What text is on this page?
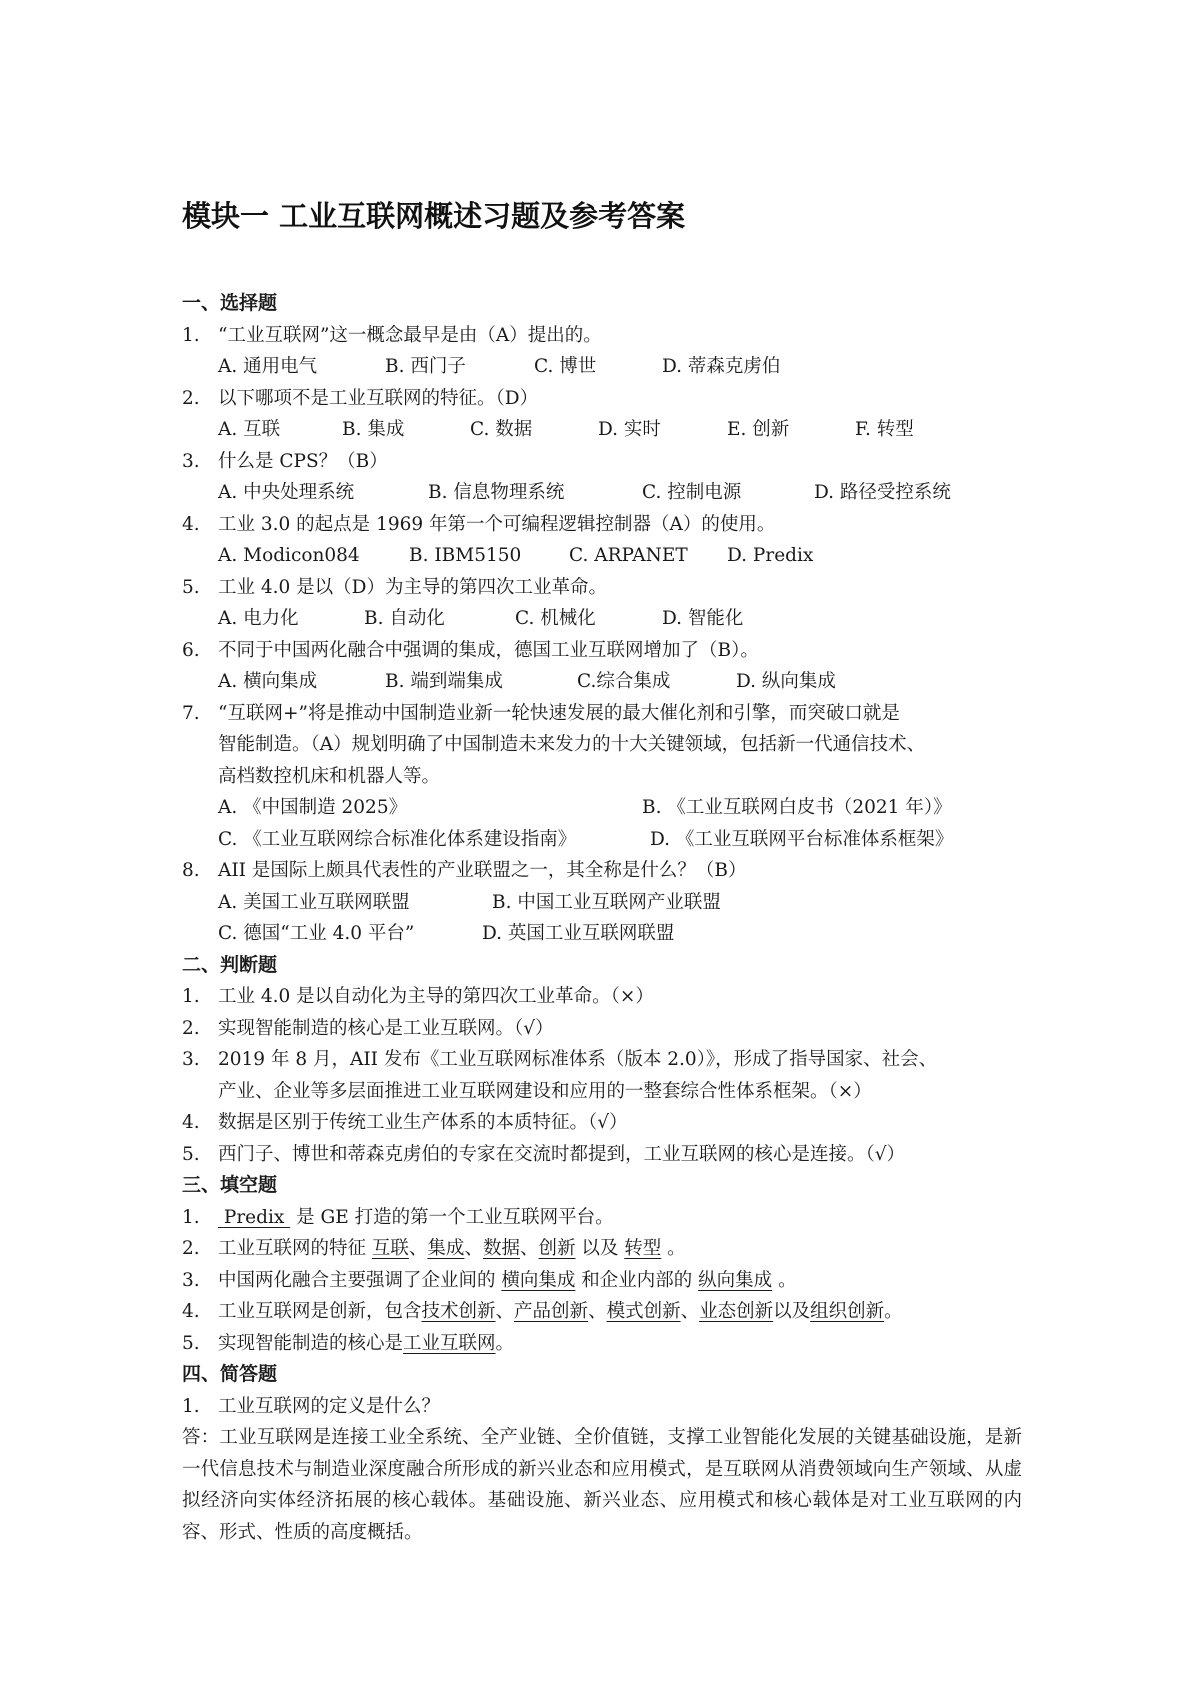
模块一 工业互联网概述习题及参考答案
一、选择题
1. “工业互联网”这一概念最早是由（A）提出的。
A. 通用电气	B. 西门子	C. 博世	D. 蒂森克虏伯
2. 以下哪项不是工业互联网的特征。（D）
A. 互联	B. 集成	C. 数据	D. 实时	E. 创新	F. 转型
3. 什么是 CPS？（B）
A. 中央处理系统	B. 信息物理系统	C. 控制电源	D. 路径受控系统
4. 工业 3.0 的起点是 1969 年第一个可编程逻辑控制器（A）的使用。
A. Modicon084	B. IBM5150	C. ARPANET D. Predix
5. 工业 4.0 是以（D）为主导的第四次工业革命。
A. 电力化	B. 自动化	C. 机械化	D. 智能化
6. 不同于中国两化融合中强调的集成，德国工业互联网增加了（B）。
A. 横向集成	B. 端到端集成	C.综合集成	D. 纵向集成
7. “互联网+”将是推动中国制造业新一轮快速发展的最大催化剂和引擎，而突破口就是
智能制造。（A）规划明确了中国制造未来发力的十大关键领域，包括新一代通信技术、
高档数控机床和机器人等。
A. 《中国制造 2025》	B. 《工业互联网白皮书（2021 年）》
C. 《工业互联网综合标准化体系建设指南》	D. 《工业互联网平台标准体系框架》
8. AII 是国际上颇具代表性的产业联盟之一，其全称是什么？（B）
A. 美国工业互联网联盟	B. 中国工业互联网产业联盟
C. 德国“工业 4.0 平台”	D. 英国工业互联网联盟
二、判断题
1. 工业 4.0 是以自动化为主导的第四次工业革命。（×）
2. 实现智能制造的核心是工业互联网。（√）
3. 2019 年 8 月，AII 发布《工业互联网标准体系（版本 2.0）》，形成了指导国家、社会、
产业、企业等多层面推进工业互联网建设和应用的一整套综合性体系框架。（×）
4. 数据是区别于传统工业生产体系的本质特征。（√）
5. 西门子、博世和蒂森克虏伯的专家在交流时都提到，工业互联网的核心是连接。（√）
三、填空题
1. Predix  是 GE 打造的第一个工业互联网平台。
2. 工业互联网的特征 互联、集成、数据、创新 以及 转型 。
3. 中国两化融合主要强调了企业间的 横向集成 和企业内部的 纵向集成 。
4. 工业互联网是创新，包含技术创新、产品创新、模式创新、业态创新以及组织创新。
5. 实现智能制造的核心是工业互联网。
四、简答题
1. 工业互联网的定义是什么？
答：工业互联网是连接工业全系统、全产业链、全价值链，支撑工业智能化发展的关键基础设施，是新一代信息技术与制造业深度融合所形成的新兴业态和应用模式，是互联网从消费领域向生产领域、从虚拟经济向实体经济拓展的核心载体。基础设施、新兴业态、应用模式和核心载体是对工业互联网的内容、形式、性质的高度概括。
